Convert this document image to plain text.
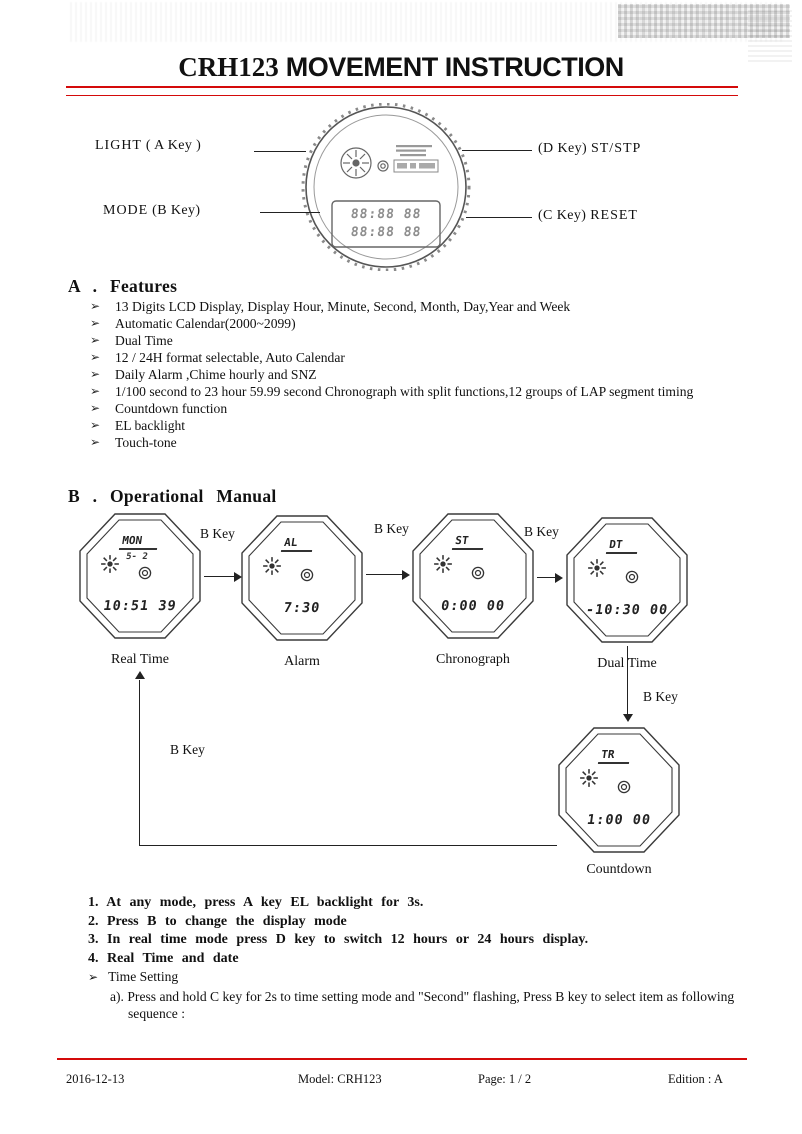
CRH123 MOVEMENT INSTRUCTION
88:88 88
88:88 88
LIGHT ( A Key )
MODE (B Key)
(D Key) ST/STP
(C Key) RESET
A . Features
➢ 13 Digits LCD Display, Display Hour, Minute, Second, Month, Day,Year and Week
➢ Automatic Calendar(2000~2099)
➢ Dual Time
➢ 12 / 24H format selectable, Auto Calendar
➢ Daily Alarm ,Chime hourly and SNZ
➢ 1/100 second to 23 hour 59.99 second Chronograph with split functions,12 groups of LAP segment timing
➢ Countdown function
➢ EL backlight
➢ Touch-tone
B . Operational Manual
MON
5- 2
10:51 39
Real Time
AL
7:30
Alarm
ST
0:00 00
Chronograph
DT
-10:30 00
Dual Time
TR
1:00 00
Countdown
B Key	B Key	B Key
B Key
B Key
1. At any mode, press A key EL backlight for 3s.
2. Press B to change the display mode
3. In real time mode press D key to switch 12 hours or 24 hours display.
4. Real Time and date
➢ Time Setting
a). Press and hold C key for 2s to time setting mode and "Second" flashing, Press B key to select item as following sequence :
2016-12-13	Model: CRH123	Page: 1 / 2	Edition : A
